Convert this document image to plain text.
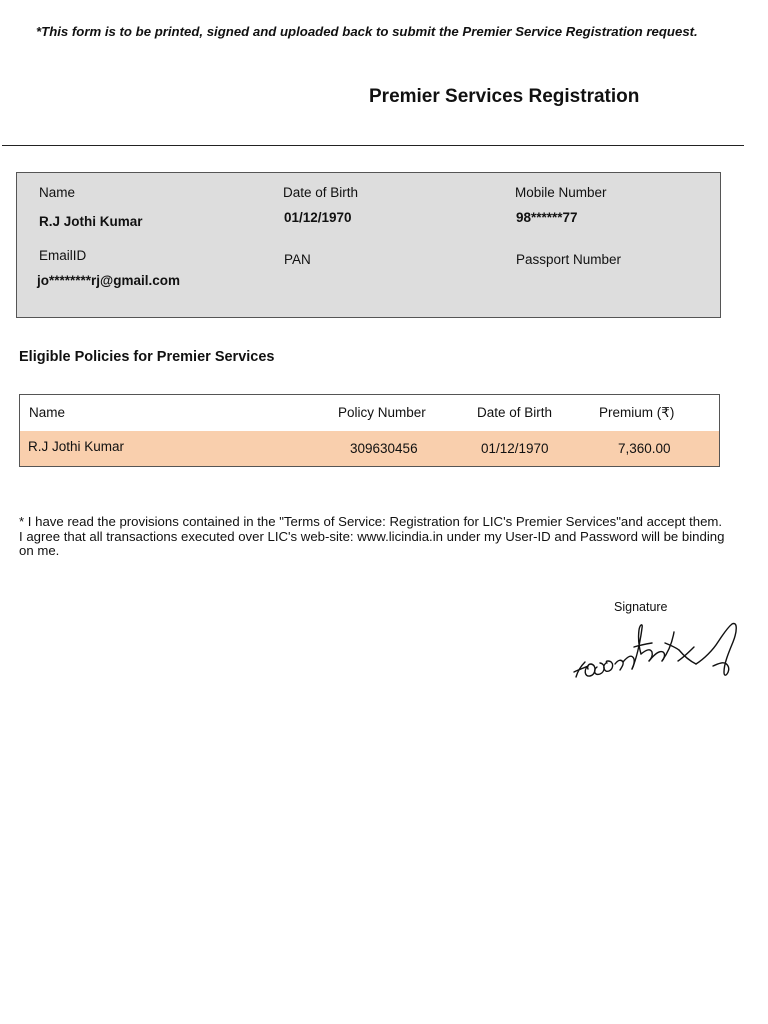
*This form is to be printed, signed and uploaded back to submit the Premier Service Registration request.
Premier Services Registration
Name
R.J Jothi Kumar
Date of Birth
01/12/1970
Mobile Number
98******77
EmailID
jo********rj@gmail.com
PAN	Passport Number
Eligible Policies for Premier Services
Name	Policy Number	Date of Birth	Premium (₹)
R.J Jothi Kumar	309630456	01/12/1970	7,360.00
* I have read the provisions contained in the "Terms of Service: Registration for LIC's Premier Services"and accept them. I agree that all transactions executed over LIC's web-site: www.licindia.in under my User-ID and Password will be binding on me.
Signature
